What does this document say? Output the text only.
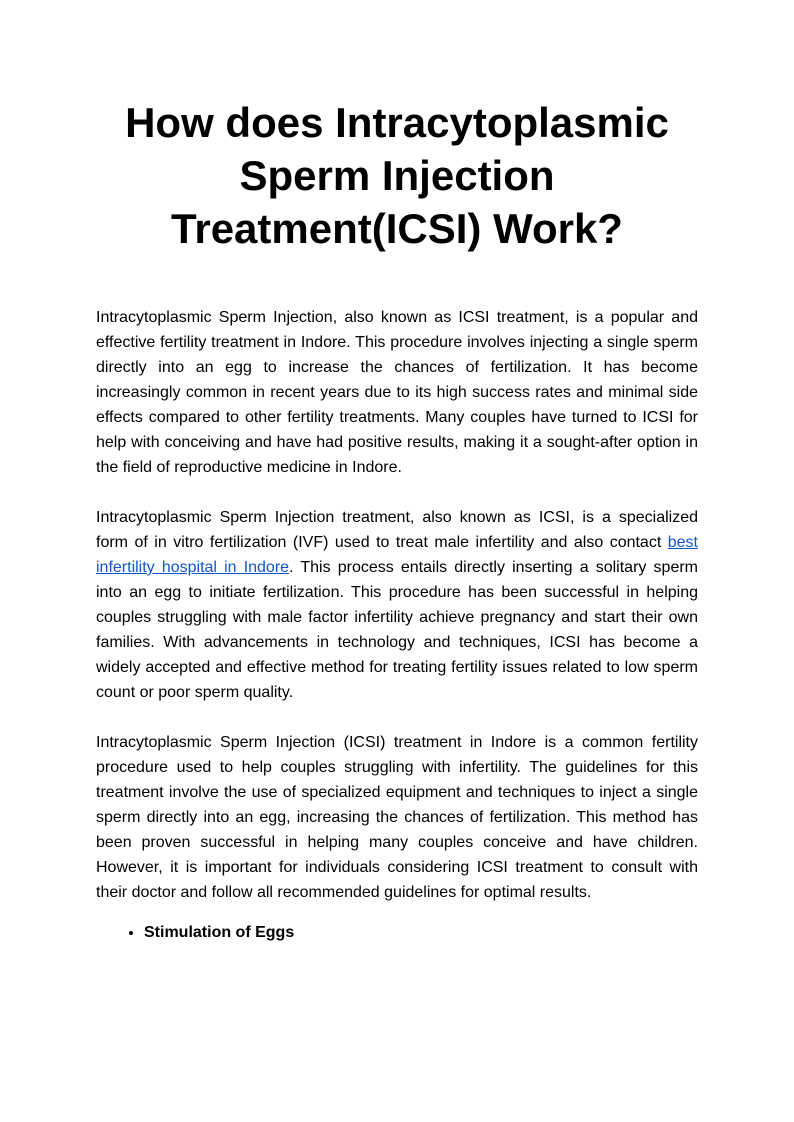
How does Intracytoplasmic
Sperm Injection
Treatment(ICSI) Work?

Intracytoplasmic Sperm Injection, also known as ICSI treatment, is a popular and effective fertility treatment in Indore. This procedure involves injecting a single sperm directly into an egg to increase the chances of fertilization. It has become increasingly common in recent years due to its high success rates and minimal side effects compared to other fertility treatments. Many couples have turned to ICSI for help with conceiving and have had positive results, making it a sought-after option in the field of reproductive medicine in Indore.

Intracytoplasmic Sperm Injection treatment, also known as ICSI, is a specialized form of in vitro fertilization (IVF) used to treat male infertility and also contact best infertility hospital in Indore. This process entails directly inserting a solitary sperm into an egg to initiate fertilization. This procedure has been successful in helping couples struggling with male factor infertility achieve pregnancy and start their own families. With advancements in technology and techniques, ICSI has become a widely accepted and effective method for treating fertility issues related to low sperm count or poor sperm quality.

Intracytoplasmic Sperm Injection (ICSI) treatment in Indore is a common fertility procedure used to help couples struggling with infertility. The guidelines for this treatment involve the use of specialized equipment and techniques to inject a single sperm directly into an egg, increasing the chances of fertilization. This method has been proven successful in helping many couples conceive and have children. However, it is important for individuals considering ICSI treatment to consult with their doctor and follow all recommended guidelines for optimal results.

• Stimulation of Eggs
